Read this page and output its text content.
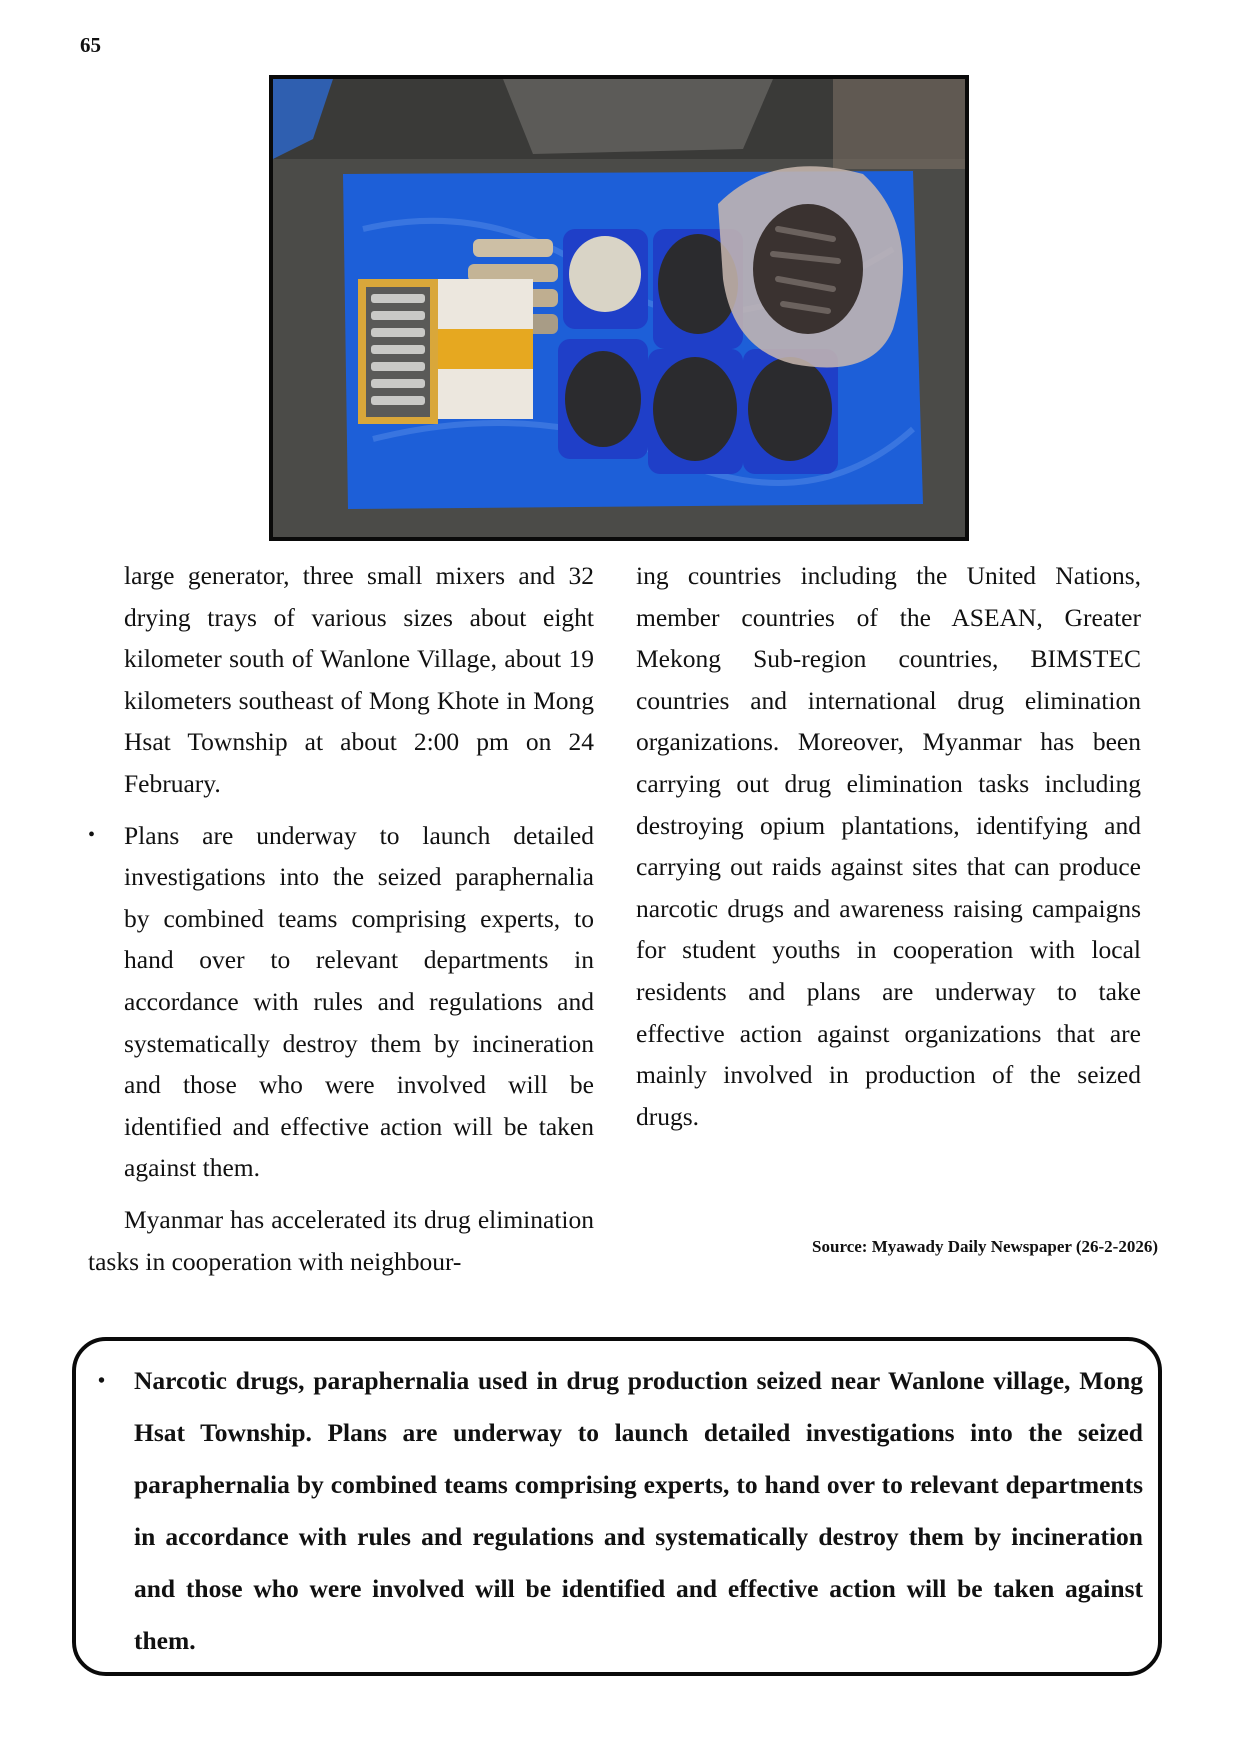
65

large generator, three small mixers and 32 drying trays of various sizes about eight kilometer south of Wanlone Village, about 19 kilometers southeast of Mong Khote in Mong Hsat Township at about 2:00 pm on 24 February.

• Plans are underway to launch detailed investigations into the seized paraphernalia by combined teams comprising experts, to hand over to relevant departments in accordance with rules and regulations and systematically destroy them by incineration and those who were involved will be identified and effective action will be taken against them.

Myanmar has accelerated its drug elimination tasks in cooperation with neighbour-

ing countries including the United Nations, member countries of the ASEAN, Greater Mekong Sub-region countries, BIMSTEC countries and international drug elimination organizations. Moreover, Myanmar has been carrying out drug elimination tasks including destroying opium plantations, identifying and carrying out raids against sites that can produce narcotic drugs and awareness raising campaigns for student youths in cooperation with local residents and plans are underway to take effective action against organizations that are mainly involved in production of the seized drugs.

Source: Myawady Daily Newspaper (26-2-2026)
• Narcotic drugs, paraphernalia used in drug production seized near Wanlone village, Mong Hsat Township. Plans are underway to launch detailed investigations into the seized paraphernalia by combined teams comprising experts, to hand over to relevant departments in accordance with rules and regulations and systematically destroy them by incineration and those who were involved will be identified and effective action will be taken against them.
